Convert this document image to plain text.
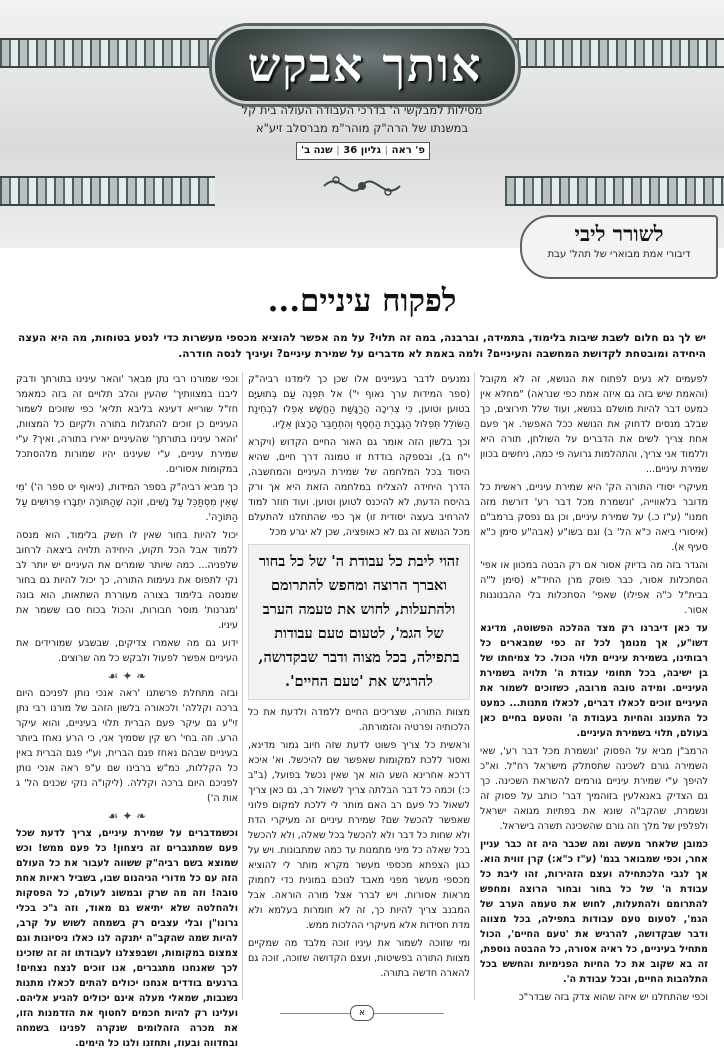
אותך אבקש
מסילות למבקשי ה' בדרכי העבודה העולה בית קל
במשנתו של הרה"ק מוהר"מ מברסלב זיע"א
פ' ראה | גליון 36 | שנה ב'
לשורר ליבי
דיבורי אמת מבוארי של תהל' עבת
לפקוח עיניים...
יש לך גם חלום לשבת שיבות בלימוד, בתמידה, וברבנה, במה זה תלוי? על מה אפשר להוציא מכספי מעשרות כדי לנסע בטוחות, מה היא העצה היחידה ומובטחת לקדושת המחשבה והעיניים? ולמה באמת לא מדברים על שמירת עיניים? ועיניך לנסה חודרה.

לפעמים לא נעים לפתוח את הנושא, זה לא מקובל (והאמת שיש בזה גם איזה אמת כפי שנראה) "מחלא אין כמעט דבר להיות מושלם בנושא, ועוד שלל תירוצים, כך שבלב מנסים לדחוק את הנושא ככל האפשר. אך פעם אחת צריך לשים את הדברים על השולחן, תורה היא וללמוד אני צריך, והתהלמות גרועה פי כמה, ניחשים בכוון שמירת עיניים...

מעיקרי יסודי התורה הק' היא שמירת עיניים, ראשית כל מדובר בלאווייה, 'ונשמרת מכל דבר רע' דורשת מזה חמנו" (ע"ז כ.) על שמירת עיניים, וכן גם נפסק ברמב"ם (איסורי ביאה כ"א הל' ב) וגם בשו"ע (אבה"ע סימן כ"א סעיף א).

והגדר בזה מה בדיוק אסור אם רק הבטה במכוון או אפי' הסתכלות אסור, כבר פוסק מרן החיד"א (סימן ל"ה בבית"ל כ"ה אפילו) שאפי' הסתכלות בלי ההבנוננות אסור.

עד כאן דיברנו רק מצד ההלכה הפשוטה, מדינא דשו"ע, אך מנומך לכל זה כפי שמבארים כל רבותינו, בשמירת עיניים תלוי הכול. כל צמיחתו של בן ישיבה, בכל תחומי עבודת ה' תלויה בשמירת העיניים. ומידה טובה מרובה, כשזוכים לשמור את העיניים זוכים לכאלו דברים, לכאלו מתנות... כמעט כל התענוג והחיות בעבודת ה' והטעם בחיים כאן בעולם, תלוי בשמירת העיניים.

הרמב"ן מביא על הפסוק 'ונשמרת מכל דבר רע', שאי השמירה גורם לשכינה שתסתלק מישראל רח"ל. וא"כ להיפך ע"י שמירת עיניים גורמים להשראת השכינה. כך גם הצדיק באנאלעין בזוהמיך דבר' כותב על פסוק זה ונשמרת, שהקב"ה שונא את בפתיות מגואה ישראל ולפלפין של מלך וזה גורם שהשכינה תשרה בישראל.

כמובן שלאחר מעשה ומה שכבר היה זה כבר עניין אחר, וכפי שמבואר בגמ' (ע"ז כ"א:) קרן זווית הוא. אך לגבי הלכתחילה ועצם הזהירות, זהו ליבת כל עבודת ה' של כל בחור ובחור הרוצה ומחפש להתרומם ולהתעלות, לחוש את טעמה הערב של הגמ', לטעום טעם עבודות בתפילה, בכל מצווה ודבר שבקדושה, להרגיש את 'טעם החיים', הכול מתחיל בעיניים, כל ראיה אסורה, כל ההבטה נוספת, זה בא שקוב את כל החיות הפנימיות והחשש בכל התלהבות החיים, ובכל עבודת ה'.

וכפי שהתחלנו יש איזה שהוא צדק בזה שבדר"כ

נמנעים לדבר בעניינים אלו שכן כך לימדנו רביה"ק (ספר המידות ערך נאוף י") אל תִּפְנֶה עַם בְּתוּעִיָּם בטוען וטוען, כִּי צְרִיכָה הֲרַגָּשַׁת הַחֲשָׁשׁ אֶפְלוּ לִבְחִינַת הַשּׂוֹלֵל תְּפִלּוֹל הַגְּבָרַת הַחֶסֶף וְהִתְחַבֵּר הָרָצוֹן אֵלָיו.

וכך בלשון הזה אומר גם האור החיים הקדוש (ויקרא י"ח ב), ובספקה בודדת זו טמונה דרך חיים, שהיא היסוד בכל המלחמה של שמירת העיניים והמחשבה, הדרך היחידה להצליח במלחמה הזאת היא אך ורק בהיסח הדעת, לא להיכנס לטוען וטוען. ועוד חוזר למוד להרחיב בעצה יסודית זו) אך כפי שהתחלנו להתעלם מכל הנושא זה גם לא כאופציה, שכן לא יגרע מכל

זהוי ליבת כל עבודת ה' של כל בחור ואברך הרוצה ומחפש להתרומם ולהתעלות, לחוש את טעמה הערב של הגמ', לטעום טעם עבודות בתפילה, בכל מצוה ודבר שבקדושה, להרגיש את 'טעם החיים'.

מצוות התורה, שצריכים החיים ללמדה ולדעת את כל הלכותיה ופרטיה והזמורתה.

וראשית כל צריך פשוט לדעת שזה חיוב גמור מדינא, ואסור ללכת למקומות שאפשר שם להיכשל. וא' איכא דרכא אחרינא השע הוא אך שאין נכשל בפועל, (ב"ב כ:) וכמה כל דבר הבלתה צריך לשאול רב, גם כאן צריך לשאול כל פעם רב האם מותר לי ללכת למקום פלוני שאפשר להכשל שם? שמירת עיניים זה מעיקרי הדת ולא שחות כל דבר ולא להכשל בכל שאלה, ולא להכשל בכל שאלה כל מיני מתמנות עד כמה שמתבונות. ויש על כגון הצפתא מכספי מעשר מקרא מותר לי להוציא מכספי מעשר מפני מאבד לנוכם במונית כדי לחמוק מראות אסורות. ויש לברר אצל מורה הוראה. אבל המבנב צריך להיות כך, זה לא חומרות בעלמא ולא מדת חסידות אלא מעיקרי ההלכות ממש.

ומי שזוכה לשמור את עיניו זוכה מלבד מה שמקיים מצוות התורה בפשיטות, ועצם הקדושה שזוכה, זוכה גם להארה חדשה בתורה.

וכפי שמורנו רבי נתן מבאר 'והאר עינינו בתורתך ודבק ליבנו במצוותיך' שהעין והלב תלויים זה בזה כמאמר חז"ל שורייא דעינא בליבא תליא' כפי שזוכים לשמור העיניים כן זוכים להתגלות בתורה ולקיום כל המצוות, 'והאר עינינו בתורתך' שהעיניים יאירו בתורה, ואיך? ע"י שמירת עיניים, ע"י שעינינו יהיו שמורות מלהסתכל במקומות אסורים.

כך מביא רביה"ק בספר המידות, (ניאוף יט ספר ה') 'מִי שֶׁאֵין מִסְתַּכֵּל עַל נָשִׁים, זוֹכֶה שֶׁהַתּוֹרָה יִתְבָּרוּ פְּרוּשִׁים עַל הַתּוֹרָה'.

יכול להיות בחור שאין לו חשק בלימוד, הוא מנסה ללמוד אבל הכל תקוע, היחידה תלויה ביצאה לרחוב שלפניה... כמה שיותר שומרים את העיניים יש יותר לב נקי לתפוס את נעימות התורה, כך יכול להיות גם בחור שמנסה בלימוד בצורה מעוררת השתאות, הוא בונה 'מגרנות' מוסר חבורות, והכול בכוח סבו ששמר את עיניו.

ידוע גם מה שאמרו צדיקים, שבשבע שמורידים את העיניים אפשר לפעול ולבקש כל מה שרוצים.

❧ ✦ ☙

ובזה מתחלת פרשתנו 'ראה אנכי נותן לפניכם היום ברכה וקללה' ולכאורה בלשון הזהב של מורנו רבי נתן זי"ע גם עיקר פעם הברית תלוי בעיניים, והוא עיקר הרע. וזה בחי' רש קין שסמיך אני, כי הרע נאחז ביותר בעיניים שבהם נאחז פגם הברית, וע"י פגם הברית באין כל הקללות, כמ"ש ברבינו שם ע"פ ראה אנכי נותן לפניכם היום ברכה וקללה. (ליקו"ה נזקי שכנים הל' ג אות ה')

❧ ✦ ☙

וכשמדברים על שמירת עיניים, צריך לדעת שכל פעם שמתגברים זה ניצחון! כל פעם ממש! וכש שמוצא בשם רביה"ק ששווה לעבור את כל העולם הזה עם כל מדורי הגיהנום שבו, בשביל ראיות אחת טובה! וזה מה שרק ובמשוג לעולם, כל הפסקות ולהחלטה שלא יתיאש גם מאוד, וזה ג"כ בכלי גרונו"ן ובלי עצבים רק בשמחה לשוש על קרב, להיות שמה שהקב"ה יתנקה לנו כאלו ניסיונות וגם צמצום במקומות, ושבפצלנו לעבודתו זה זה שזכינו לכך שאנחנו מתגברים, אנו זוכים לנצח נצחים! ברגעים בודדים אנחנו יכולים להתים לכאלו מתנות נשגבות, שמאלי מעלה אינם יכולים להגיע אליהם. ועלינו רק להיות חכמים לחטוף את הזדמנות הזו, את מכרה הזהלומים שנקרה לפנינו בשמחה ובחדווה ובעוז, ותחזנו ולנו כל הימים.

א
